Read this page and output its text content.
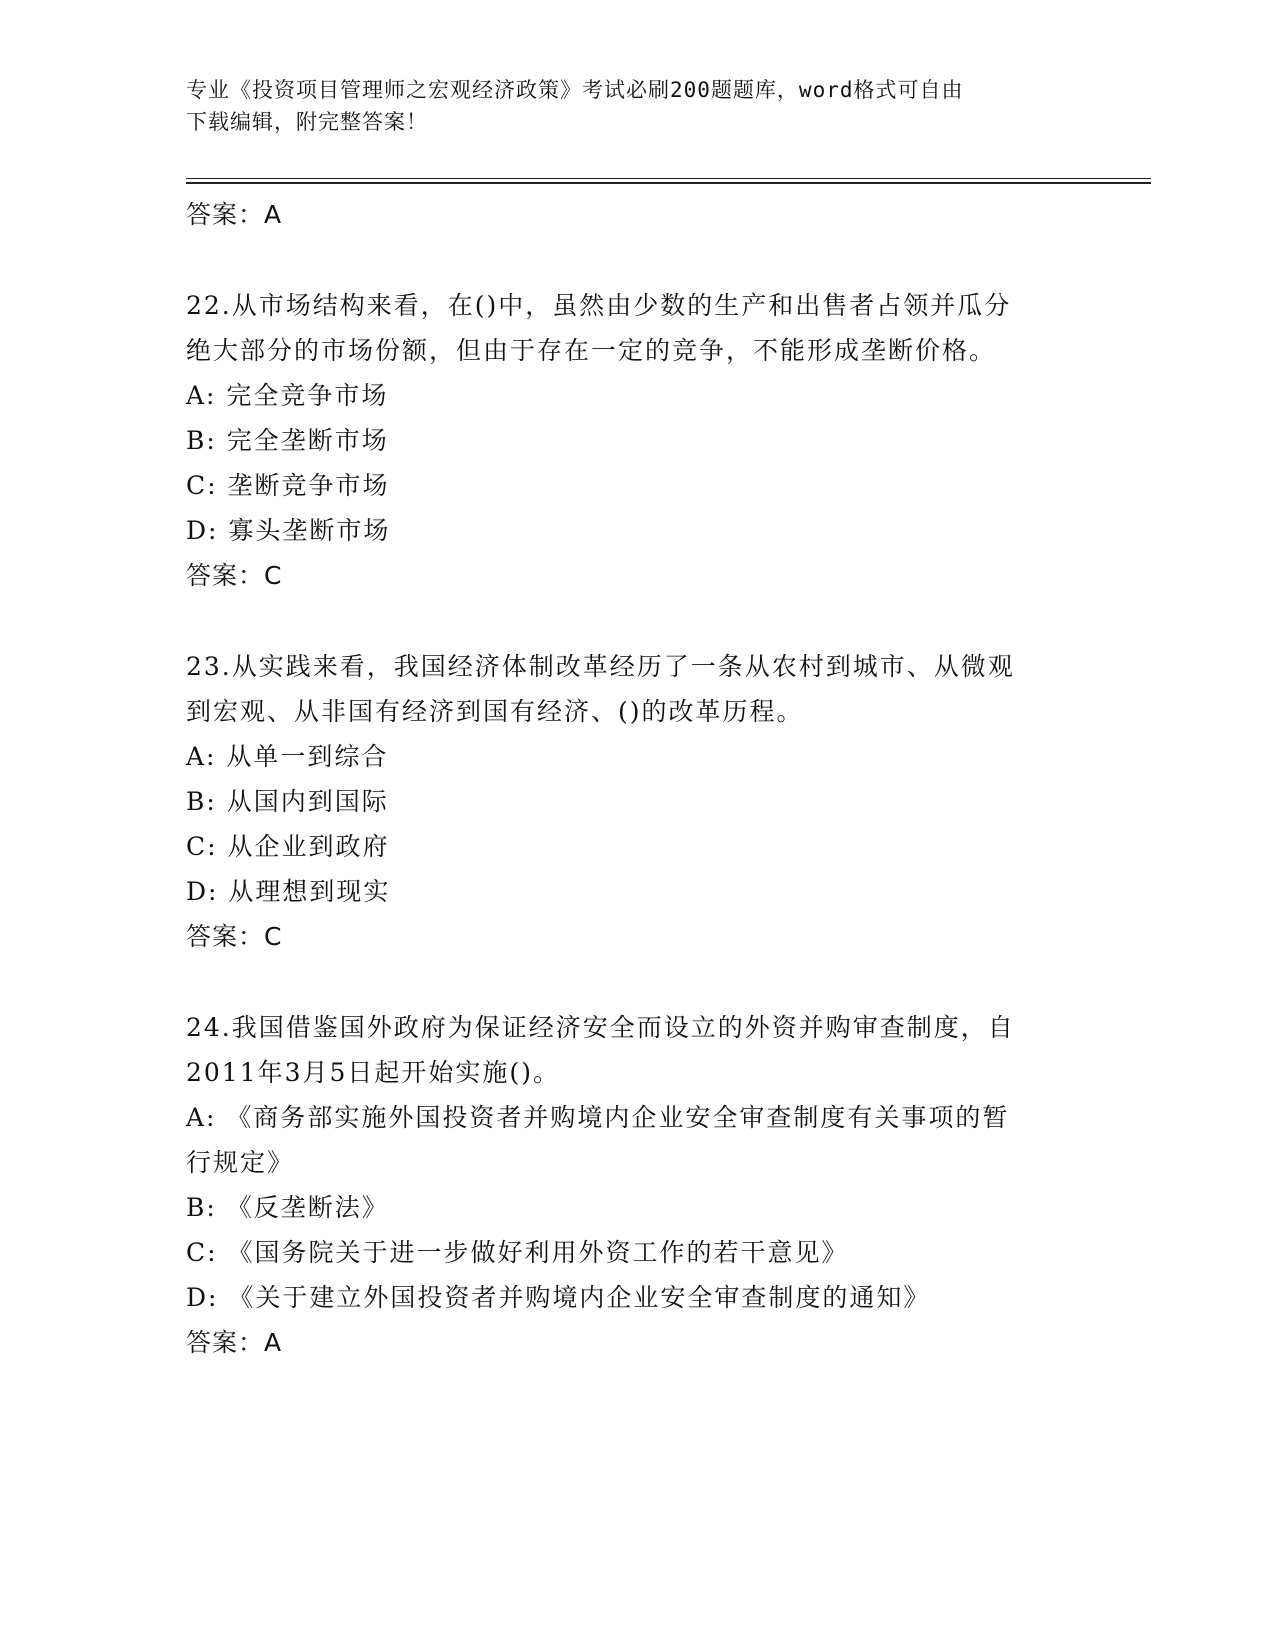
专业《投资项目管理师之宏观经济政策》考试必刷200题题库，word格式可自由
下载编辑，附完整答案！
答案：A
22.从市场结构来看，在()中，虽然由少数的生产和出售者占领并瓜分
绝大部分的市场份额，但由于存在一定的竞争，不能形成垄断价格。
A: 完全竞争市场
B: 完全垄断市场
C: 垄断竞争市场
D: 寡头垄断市场
答案：C
23.从实践来看，我国经济体制改革经历了一条从农村到城市、从微观
到宏观、从非国有经济到国有经济、()的改革历程。
A: 从单一到综合
B: 从国内到国际
C: 从企业到政府
D: 从理想到现实
答案：C
24.我国借鉴国外政府为保证经济安全而设立的外资并购审查制度，自
2011年3月5日起开始实施()。
A: 《商务部实施外国投资者并购境内企业安全审查制度有关事项的暂
行规定》
B: 《反垄断法》
C: 《国务院关于进一步做好利用外资工作的若干意见》
D: 《关于建立外国投资者并购境内企业安全审查制度的通知》
答案：A
